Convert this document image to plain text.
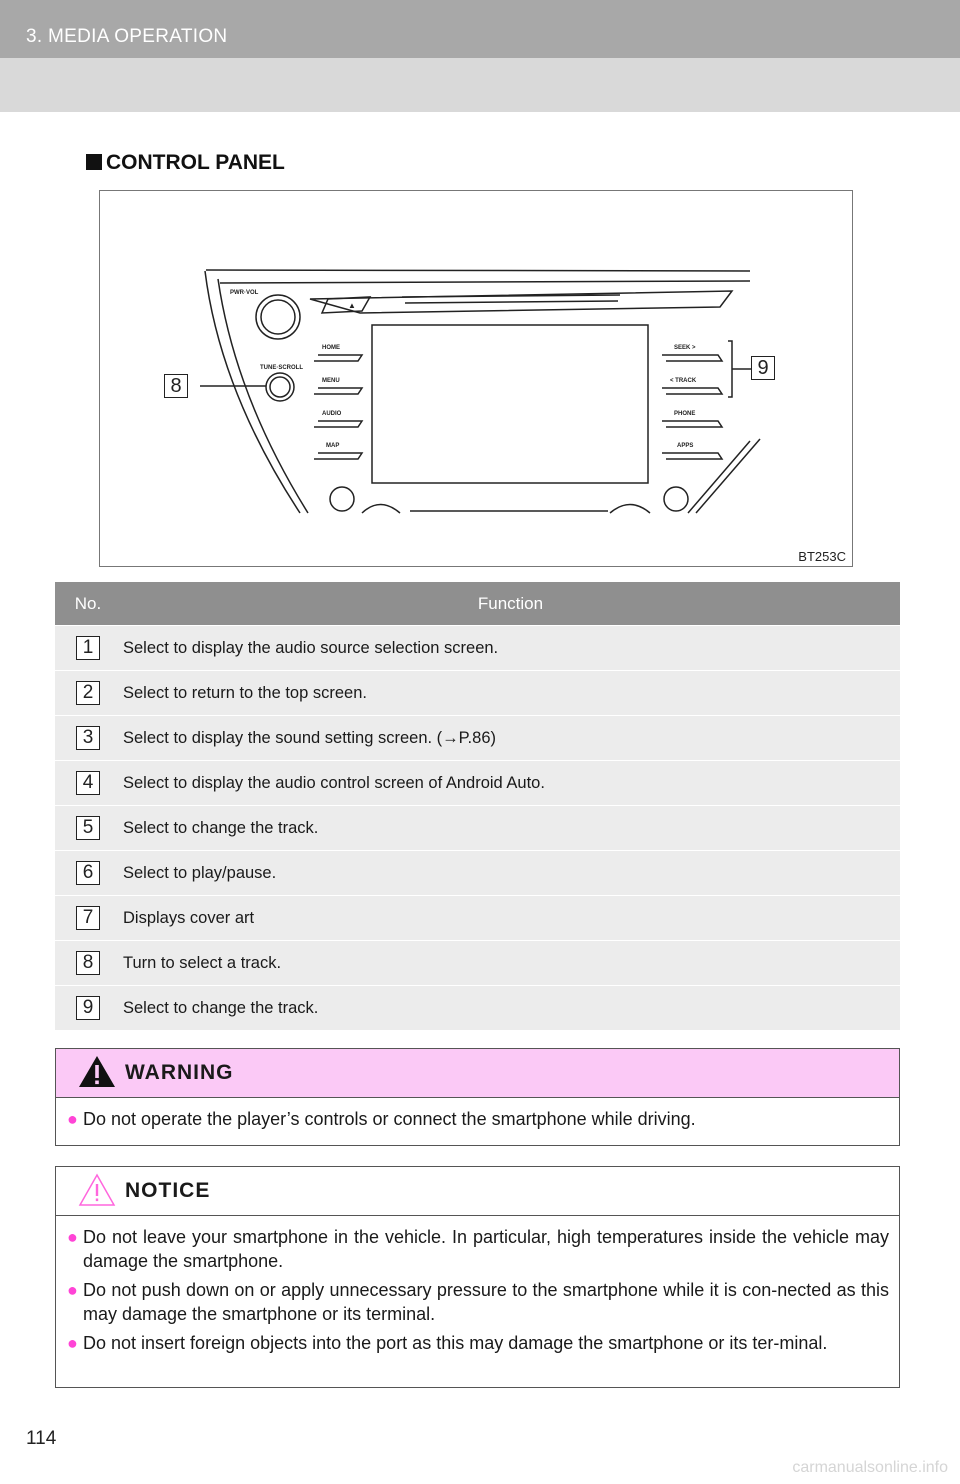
3. MEDIA OPERATION
CONTROL PANEL
PWR·VOL
TUNE·SCROLL
▲
HOME
MENU
AUDIO
MAP
SEEK >
< TRACK
PHONE
APPS
8
9
BT253C
No.	Function

1	Select to display the audio source selection screen.

2	Select to return to the top screen.

3	Select to display the sound setting screen. (→P.86)

4	Select to display the audio control screen of Android Auto.

5	Select to change the track.

6	Select to play/pause.

7	Displays cover art

8	Turn to select a track.

9	Select to change the track.
WARNING
● Do not operate the player’s controls or connect the smartphone while driving.
NOTICE
● Do not leave your smartphone in the vehicle. In particular, high temperatures inside the vehicle may damage the smartphone.
● Do not push down on or apply unnecessary pressure to the smartphone while it is con-nected as this may damage the smartphone or its terminal.
● Do not insert foreign objects into the port as this may damage the smartphone or its ter-minal.
114
carmanualsonline.info
